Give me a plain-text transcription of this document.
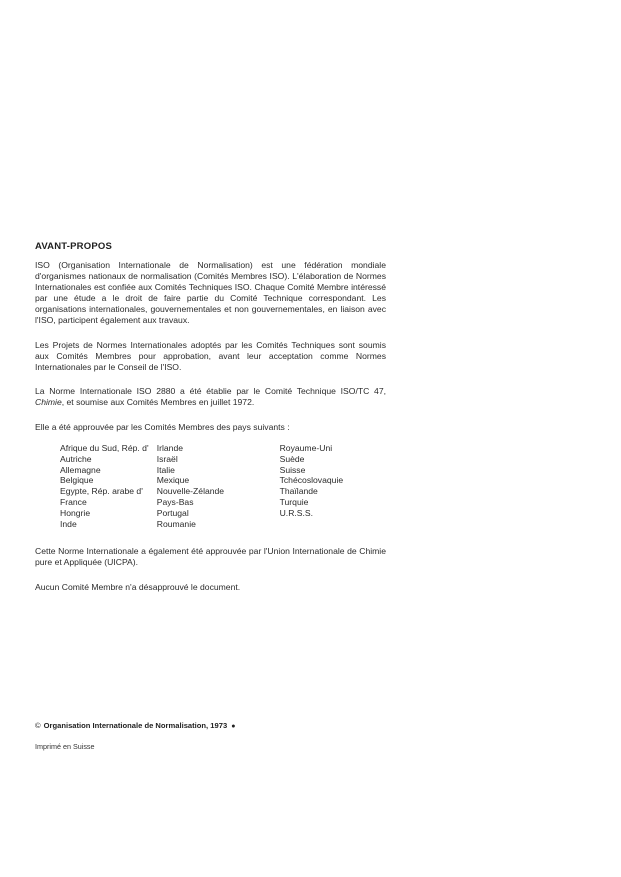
AVANT-PROPOS

ISO (Organisation Internationale de Normalisation) est une fédération mondiale d'organismes nationaux de normalisation (Comités Membres ISO). L'élaboration de Normes Internationales est confiée aux Comités Techniques ISO. Chaque Comité Membre intéressé par une étude a le droit de faire partie du Comité Technique correspondant. Les organisations internationales, gouvernementales et non gouvernementales, en liaison avec l'ISO, participent également aux travaux.

Les Projets de Normes Internationales adoptés par les Comités Techniques sont soumis aux Comités Membres pour approbation, avant leur acceptation comme Normes Internationales par le Conseil de l'ISO.

La Norme Internationale ISO 2880 a été établie par le Comité Technique ISO/TC 47, Chimie, et soumise aux Comités Membres en juillet 1972.

Elle a été approuvée par les Comités Membres des pays suivants :

Afrique du Sud, Rép. d'
Autriche
Allemagne
Belgique
Egypte, Rép. arabe d'
France
Hongrie
Inde
Irlande
Israël
Italie
Mexique
Nouvelle-Zélande
Pays-Bas
Portugal
Roumanie
Royaume-Uni
Suède
Suisse
Tchécoslovaquie
Thaïlande
Turquie
U.R.S.S.

Cette Norme Internationale a également été approuvée par l'Union Internationale de Chimie pure et Appliquée (UICPA).

Aucun Comité Membre n'a désapprouvé le document.

© Organisation Internationale de Normalisation, 1973 ●

Imprimé en Suisse
